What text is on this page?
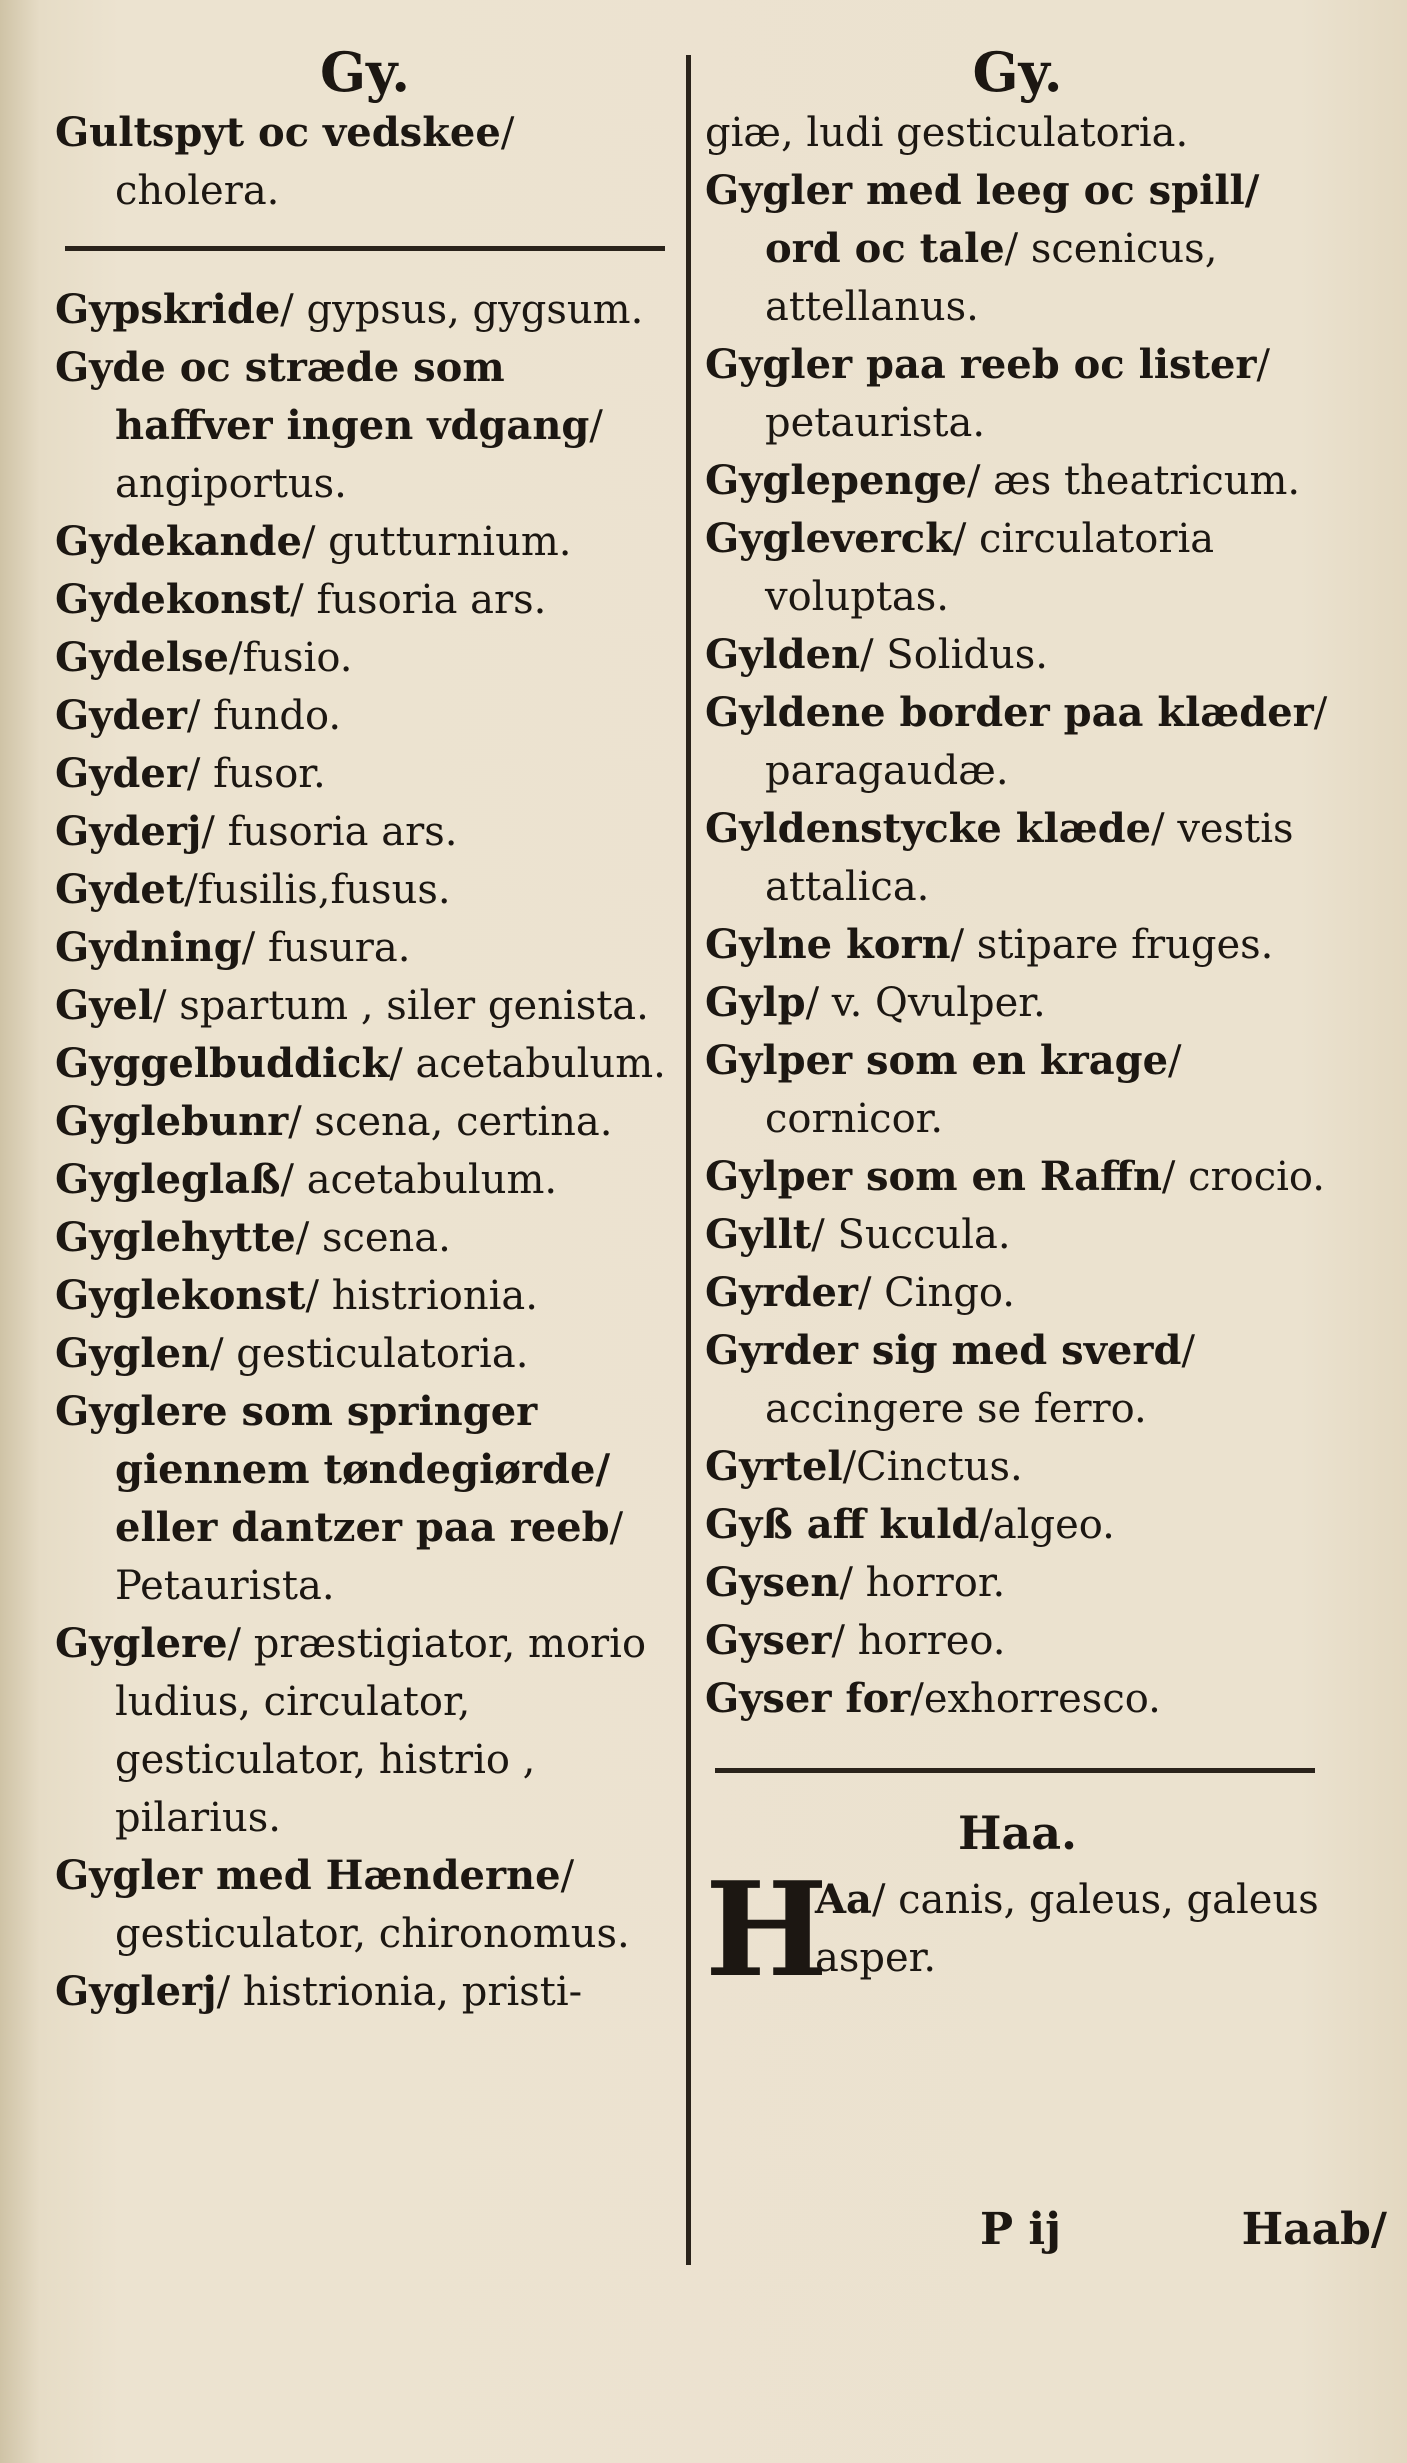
Gy.
Gultspyt oc vedskee/ cholera.
Gypskride/ gypsus, gygsum.
Gyde oc stræde som haffver ingen vdgang/ angiportus.
Gydekande/ gutturnium.
Gydekonst/ fusoria ars.
Gydelse/fusio.
Gyder/ fundo.
Gyder/ fusor.
Gyderj/ fusoria ars.
Gydet/fusilis,fusus.
Gydning/ fusura.
Gyel/ spartum , siler genista.
Gyggelbuddick/ acetabulum.
Gyglebunr/ scena, certina.
Gygleglaß/ acetabulum.
Gyglehytte/ scena.
Gyglekonst/ histrionia.
Gyglen/ gesticulatoria.
Gyglere som springer giennem tøndegiørde/ eller dantzer paa reeb/ Petaurista.
Gyglere/ præstigiator, morio ludius, circulator, gesticulator, histrio , pilarius.
Gygler med Hænderne/ gesticulator, chironomus.
Gyglerj/ histrionia, pristi-
Gy.
giæ, ludi gesticulatoria.
Gygler med leeg oc spill/ ord oc tale/ scenicus, attellanus.
Gygler paa reeb oc lister/ petaurista.
Gyglepenge/ æs theatricum.
Gygleverck/ circulatoria voluptas.
Gylden/ Solidus.
Gyldene border paa klæder/ paragaudæ.
Gyldenstycke klæde/ vestis attalica.
Gylne korn/ stipare fruges.
Gylp/ v. Qvulper.
Gylper som en krage/ cornicor.
Gylper som en Raffn/ crocio.
Gyllt/ Succula.
Gyrder/ Cingo.
Gyrder sig med sverd/ accingere se ferro.
Gyrtel/Cinctus.
Gyß aff kuld/algeo.
Gysen/ horror.
Gyser/ horreo.
Gyser for/exhorresco.
Haa.
H
Aa/ canis, galeus, galeus asper.
P ij	Haab/
